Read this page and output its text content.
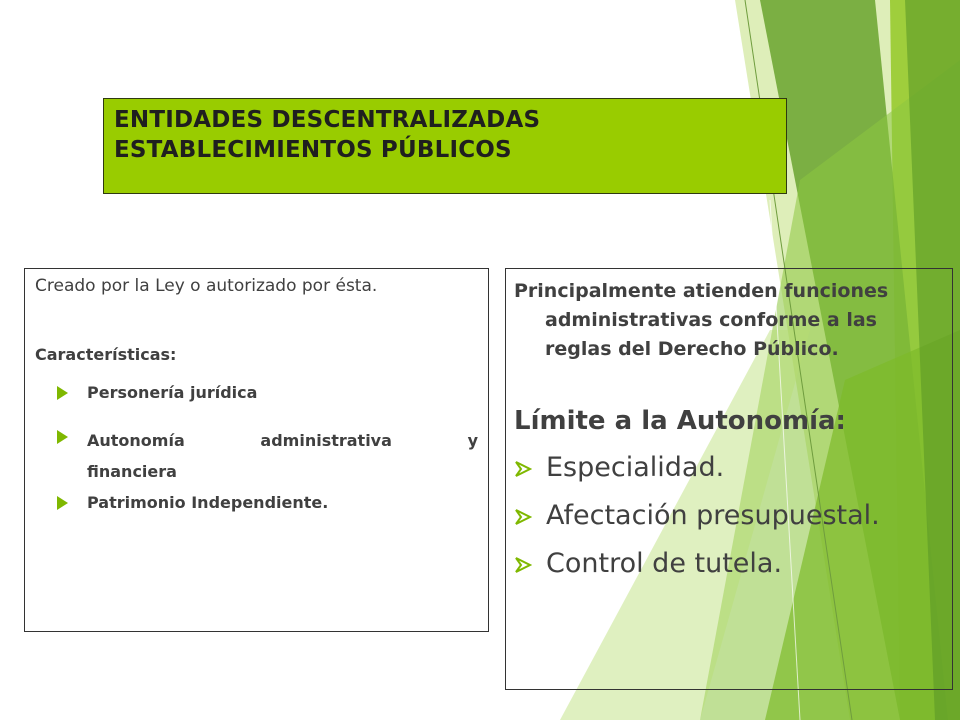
ENTIDADES DESCENTRALIZADAS
ESTABLECIMIENTOS PÚBLICOS

Creado por la Ley o autorizado por ésta.

Características:

Personería jurídica
Autonomía	administrativa	y
financiera
Patrimonio Independiente.

Principalmente atienden funciones administrativas conforme a las reglas del Derecho Público.

Límite a la Autonomía:

Especialidad.
Afectación presupuestal.
Control de tutela.
